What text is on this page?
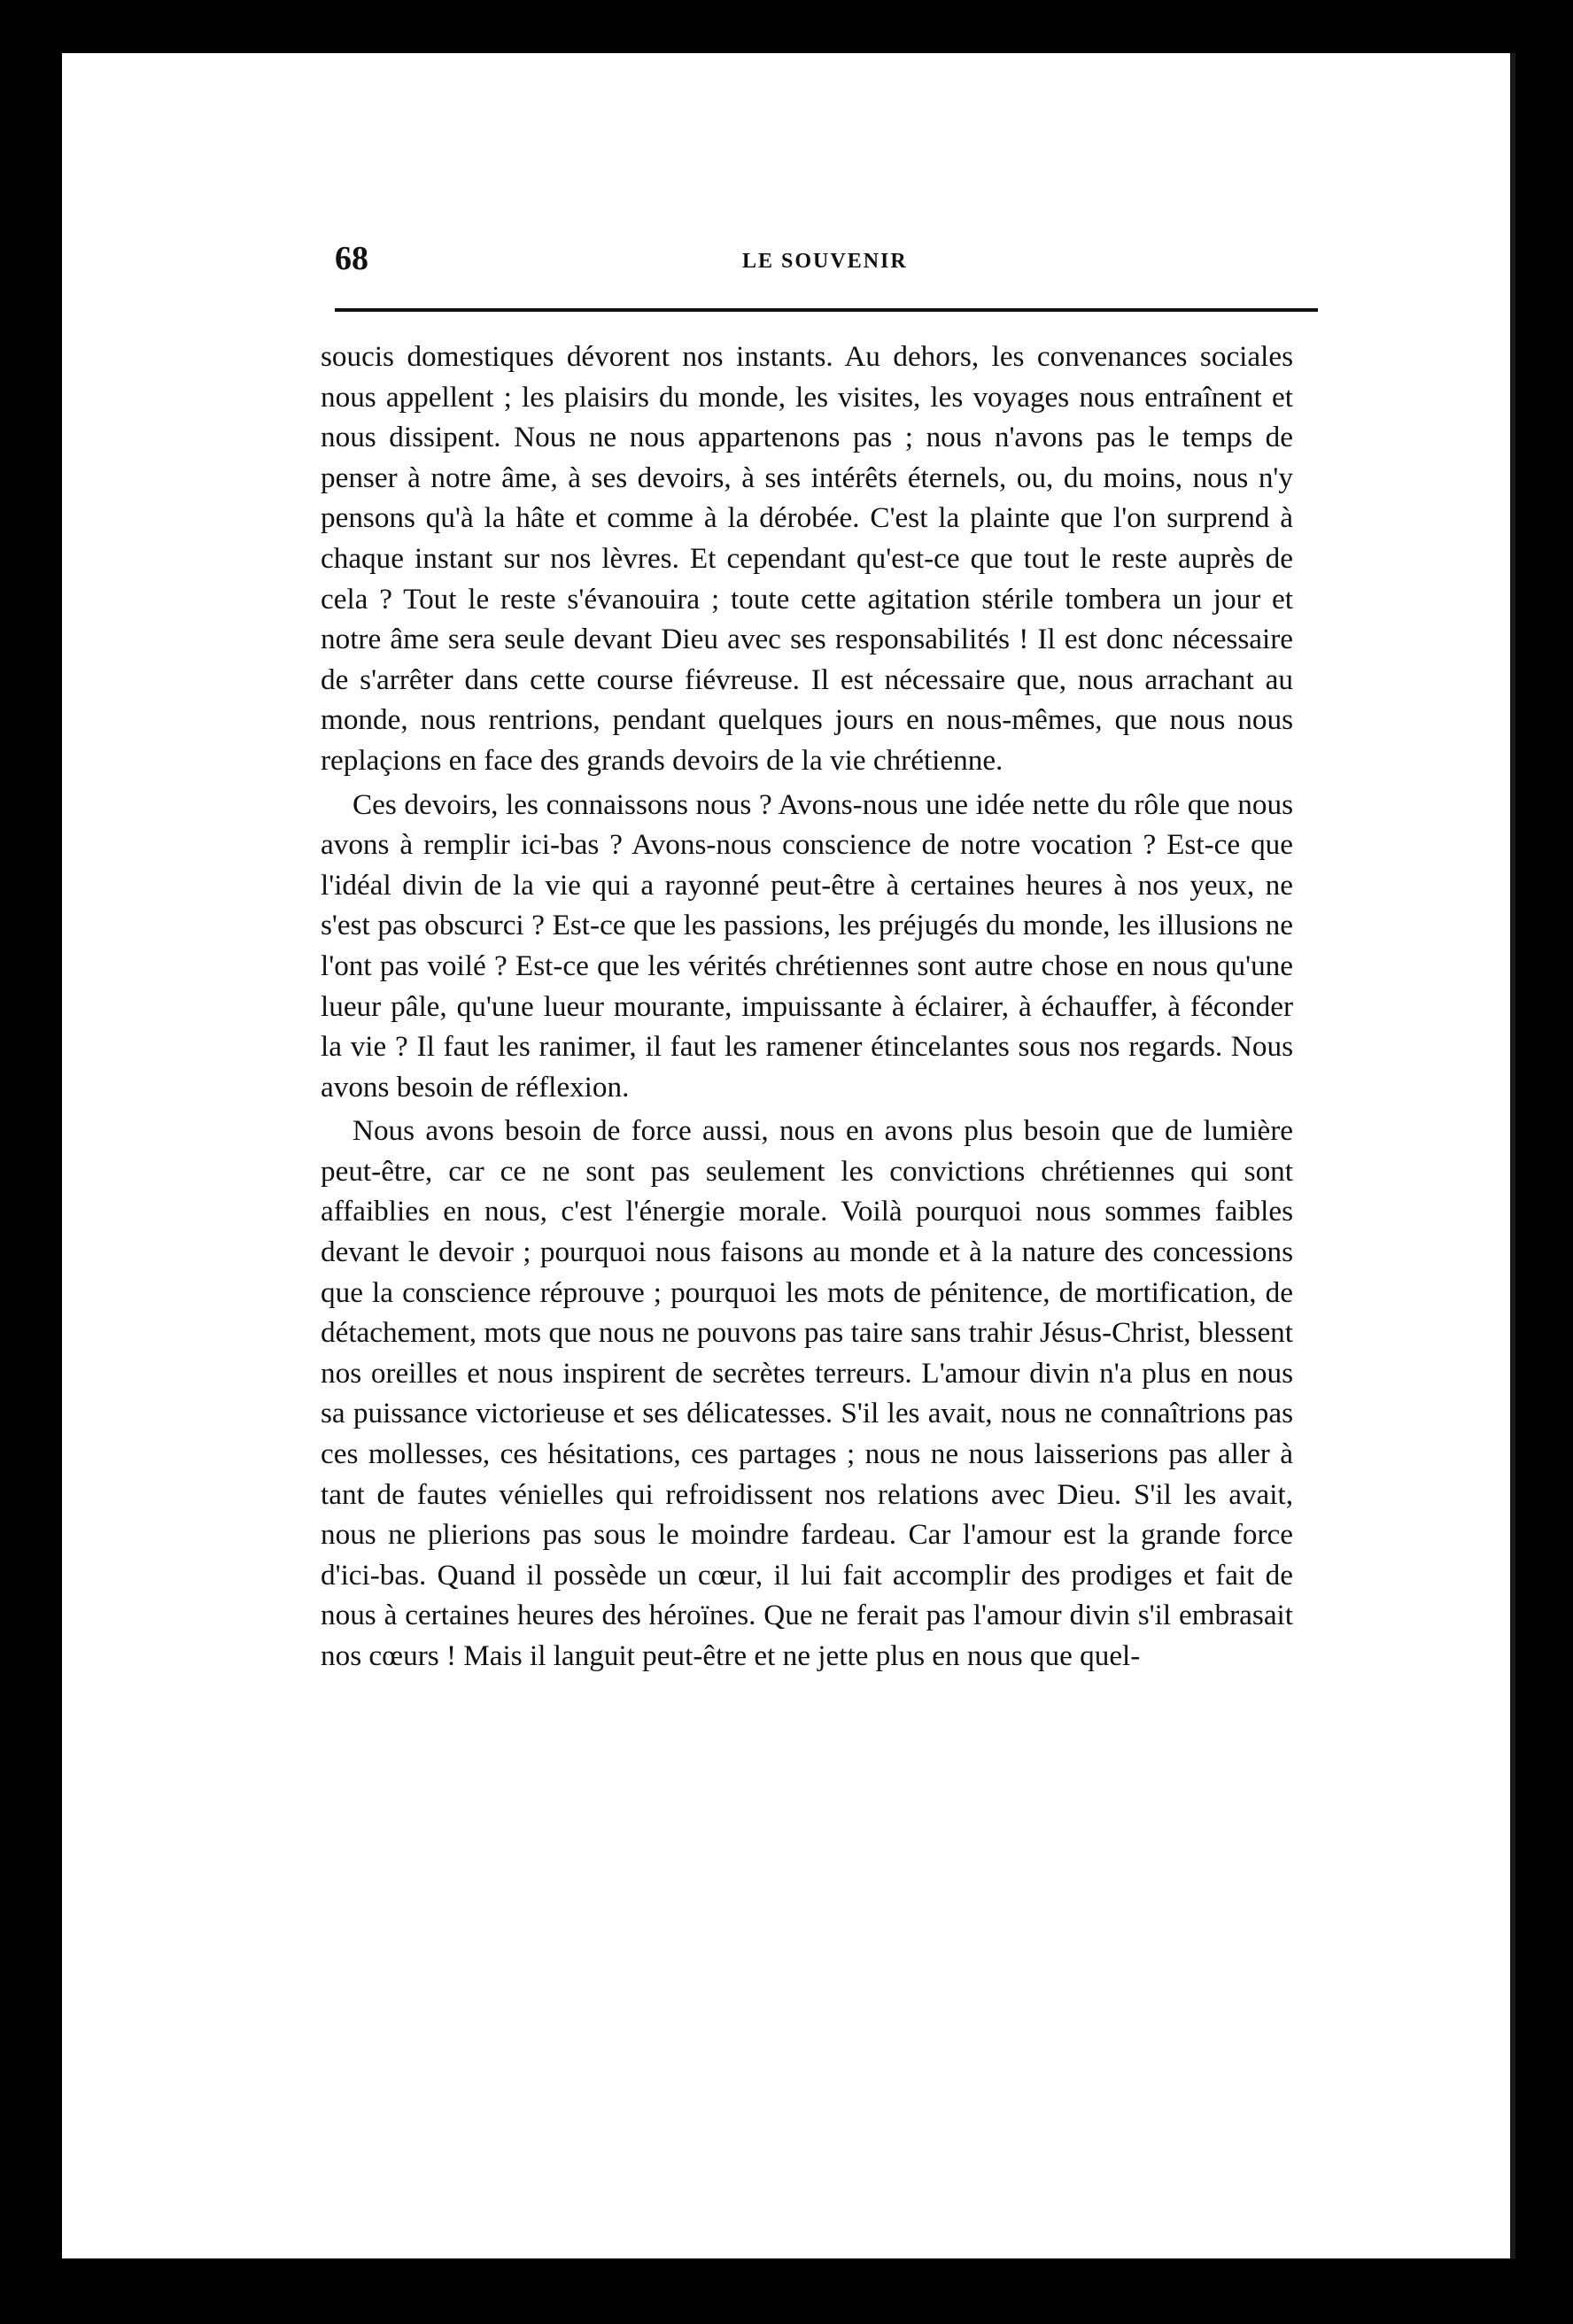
68	LE SOUVENIR

soucis domestiques dévorent nos instants. Au dehors, les convenances sociales nous appellent ; les plaisirs du monde, les visites, les voyages nous entraînent et nous dissipent. Nous ne nous appartenons pas ; nous n'avons pas le temps de penser à notre âme, à ses devoirs, à ses intérêts éternels, ou, du moins, nous n'y pensons qu'à la hâte et comme à la dérobée. C'est la plainte que l'on surprend à chaque instant sur nos lèvres. Et cependant qu'est-ce que tout le reste auprès de cela ? Tout le reste s'évanouira ; toute cette agitation stérile tombera un jour et notre âme sera seule devant Dieu avec ses responsabilités ! Il est donc nécessaire de s'arrêter dans cette course fiévreuse. Il est nécessaire que, nous arrachant au monde, nous rentrions, pendant quelques jours en nous-mêmes, que nous nous replaçions en face des grands devoirs de la vie chrétienne.

Ces devoirs, les connaissons nous ? Avons-nous une idée nette du rôle que nous avons à remplir ici-bas ? Avons-nous conscience de notre vocation ? Est-ce que l'idéal divin de la vie qui a rayonné peut-être à certaines heures à nos yeux, ne s'est pas obscurci ? Est-ce que les passions, les préjugés du monde, les illusions ne l'ont pas voilé ? Est-ce que les vérités chrétiennes sont autre chose en nous qu'une lueur pâle, qu'une lueur mourante, impuissante à éclairer, à échauffer, à féconder la vie ? Il faut les ranimer, il faut les ramener étincelantes sous nos regards. Nous avons besoin de réflexion.

Nous avons besoin de force aussi, nous en avons plus besoin que de lumière peut-être, car ce ne sont pas seulement les convictions chrétiennes qui sont affaiblies en nous, c'est l'énergie morale. Voilà pourquoi nous sommes faibles devant le devoir ; pourquoi nous faisons au monde et à la nature des concessions que la conscience réprouve ; pourquoi les mots de pénitence, de mortification, de détachement, mots que nous ne pouvons pas taire sans trahir Jésus-Christ, blessent nos oreilles et nous inspirent de secrètes terreurs. L'amour divin n'a plus en nous sa puissance victorieuse et ses délicatesses. S'il les avait, nous ne connaîtrions pas ces mollesses, ces hésitations, ces partages ; nous ne nous laisserions pas aller à tant de fautes vénielles qui refroidissent nos relations avec Dieu. S'il les avait, nous ne plierions pas sous le moindre fardeau. Car l'amour est la grande force d'ici-bas. Quand il possède un cœur, il lui fait accomplir des prodiges et fait de nous à certaines heures des héroïnes. Que ne ferait pas l'amour divin s'il embrasait nos cœurs ! Mais il languit peut-être et ne jette plus en nous que quel-
